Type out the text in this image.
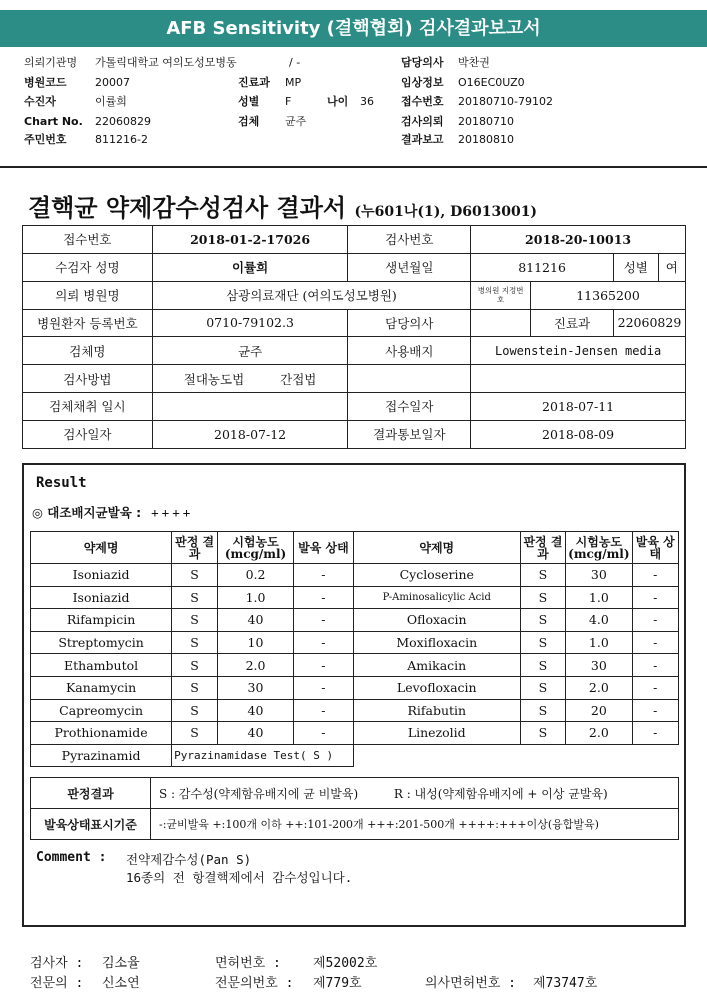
AFB Sensitivity (결핵협회) 검사결과보고서
의뢰기관명 가톨릭대학교 여의도성모병동	/ -	담당의사 박찬권
병원코드	20007	진료과 MP	임상정보 O16EC0UZ0
수진자	이률희	성별 F	나이 36 접수번호 20180710-79102
Chart No. 22060829	검체 균주	검사의뢰 20180710
주민번호	811216-2	결과보고 20180810
결핵균 약제감수성검사 결과서 (누601나(1), D6013001)
접수번호	2018-01-2-17026	검사번호	2018-20-10013
수검자 성명	이률희	생년월일	811216		성별	여

의뢰 병원명	삼광의료재단 (여의도성모병원)	병의원 지정번호	11365200
병원환자 등록번호	0710-79102.3	담당의사		진료과	22060829
검체명	균주	사용배지	Lowenstein-Jensen media
검사방법	절대농도법	간접법		
검체채취 일시		접수일자	2018-07-11
검사일자	2018-07-12	결과통보일자	2018-08-09
Result
◎ 대조배지균발육 : ++++
약제명	판정 결과	시험농도 (mcg/ml)	발육 상태	약제명	판정 결과	시험농도 (mcg/ml)	발육 상태
Isoniazid	S	0.2	-	Cycloserine	S	30	-
Isoniazid	S	1.0	-	P-Aminosalicylic Acid	S	1.0	-
Rifampicin	S	40	-	Ofloxacin	S	4.0	-
Streptomycin	S	10	-	Moxifloxacin	S	1.0	-
Ethambutol	S	2.0	-	Amikacin	S	30	-
Kanamycin	S	30	-	Levofloxacin	S	2.0	-
Capreomycin	S	40	-	Rifabutin	S	20	-
Prothionamide	S	40	-	Linezolid	S	2.0	-
Pyrazinamid	Pyrazinamidase Test( S )						
판정결과	S : 감수성(약제함유배지에 균 비발육) R : 내성(약제함유배지에 + 이상 균발육)
발육상태표시기준	-:균비발육 +:100개 이하 ++:101-200개 +++:201-500개 ++++:+++이상(융합발육)
Comment : 전약제감수성(Pan S)
16종의 전 항결핵제에서 감수성입니다.
검사자 : 김소율	면허번호 : 제52002호
전문의 : 신소연	전문의번호 : 제779호	의사면허번호 : 제73747호
